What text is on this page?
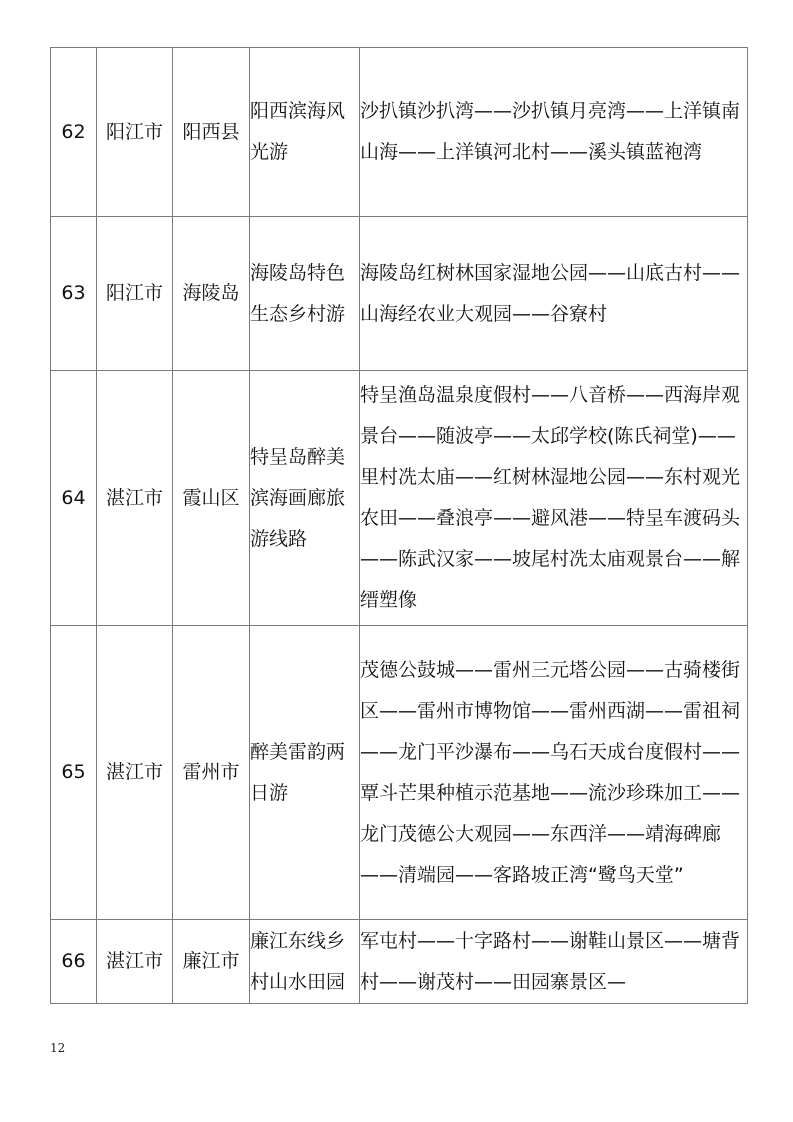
62	阳江市	阳西县	阳西滨海风光游	沙扒镇沙扒湾——沙扒镇月亮湾——上洋镇南山海——上洋镇河北村——溪头镇蓝袍湾
63	阳江市	海陵岛	海陵岛特色生态乡村游	海陵岛红树林国家湿地公园——山底古村——山海经农业大观园——谷寮村
64	湛江市	霞山区	特呈岛醉美滨海画廊旅游线路	特呈渔岛温泉度假村——八音桥——西海岸观景台——随波亭——太邱学校(陈氏祠堂)——里村冼太庙——红树林湿地公园——东村观光农田——叠浪亭——避风港——特呈车渡码头——陈武汉家——坡尾村冼太庙观景台——解缙塑像
65	湛江市	雷州市	醉美雷韵两日游	茂德公鼓城——雷州三元塔公园——古骑楼街区——雷州市博物馆——雷州西湖——雷祖祠——龙门平沙瀑布——乌石天成台度假村——覃斗芒果种植示范基地——流沙珍珠加工——龙门茂德公大观园——东西洋——靖海碑廊——清端园——客路坡正湾“鹭鸟天堂”
66	湛江市	廉江市	廉江东线乡村山水田园	军屯村——十字路村——谢鞋山景区——塘背村——谢茂村——田园寨景区—
12
